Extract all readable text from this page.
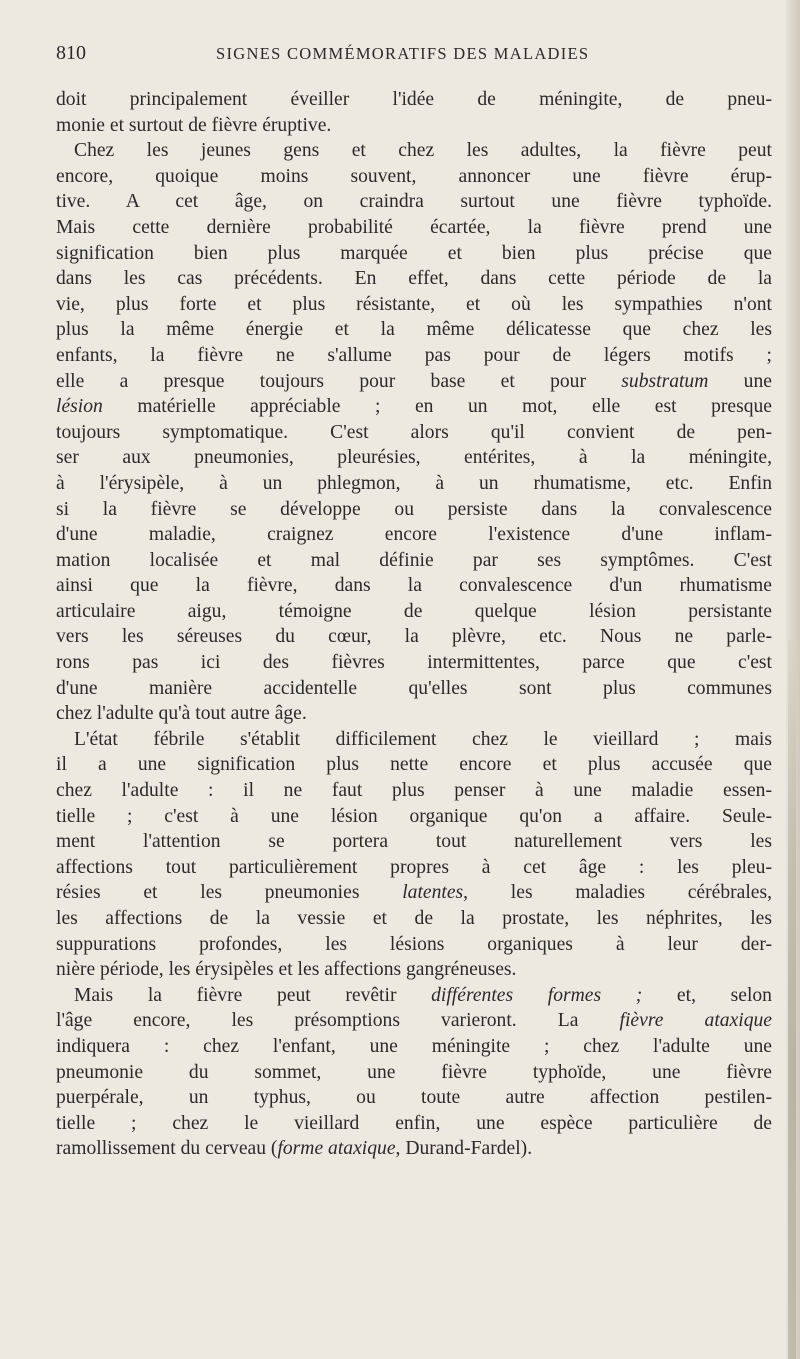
810	SIGNES COMMÉMORATIFS DES MALADIES
doit principalement éveiller l'idée de méningite, de pneu-
monie et surtout de fièvre éruptive.
Chez les jeunes gens et chez les adultes, la fièvre peut
encore, quoique moins souvent, annoncer une fièvre érup-
tive. A cet âge, on craindra surtout une fièvre typhoïde.
Mais cette dernière probabilité écartée, la fièvre prend une
signification bien plus marquée et bien plus précise que
dans les cas précédents. En effet, dans cette période de la
vie, plus forte et plus résistante, et où les sympathies n'ont
plus la même énergie et la même délicatesse que chez les
enfants, la fièvre ne s'allume pas pour de légers motifs ;
elle a presque toujours pour base et pour substratum une
lésion matérielle appréciable ; en un mot, elle est presque
toujours symptomatique. C'est alors qu'il convient de pen-
ser aux pneumonies, pleurésies, entérites, à la méningite,
à l'érysipèle, à un phlegmon, à un rhumatisme, etc. Enfin
si la fièvre se développe ou persiste dans la convalescence
d'une maladie, craignez encore l'existence d'une inflam-
mation localisée et mal définie par ses symptômes. C'est
ainsi que la fièvre, dans la convalescence d'un rhumatisme
articulaire aigu, témoigne de quelque lésion persistante
vers les séreuses du cœur, la plèvre, etc. Nous ne parle-
rons pas ici des fièvres intermittentes, parce que c'est
d'une manière accidentelle qu'elles sont plus communes
chez l'adulte qu'à tout autre âge.
L'état fébrile s'établit difficilement chez le vieillard ; mais
il a une signification plus nette encore et plus accusée que
chez l'adulte : il ne faut plus penser à une maladie essen-
tielle ; c'est à une lésion organique qu'on a affaire. Seule-
ment l'attention se portera tout naturellement vers les
affections tout particulièrement propres à cet âge : les pleu-
résies et les pneumonies latentes, les maladies cérébrales,
les affections de la vessie et de la prostate, les néphrites, les
suppurations profondes, les lésions organiques à leur der-
nière période, les érysipèles et les affections gangréneuses.
Mais la fièvre peut revêtir différentes formes ; et, selon
l'âge encore, les présomptions varieront. La fièvre ataxique
indiquera : chez l'enfant, une méningite ; chez l'adulte une
pneumonie du sommet, une fièvre typhoïde, une fièvre
puerpérale, un typhus, ou toute autre affection pestilen-
tielle ; chez le vieillard enfin, une espèce particulière de
ramollissement du cerveau (forme ataxique, Durand-Fardel).
